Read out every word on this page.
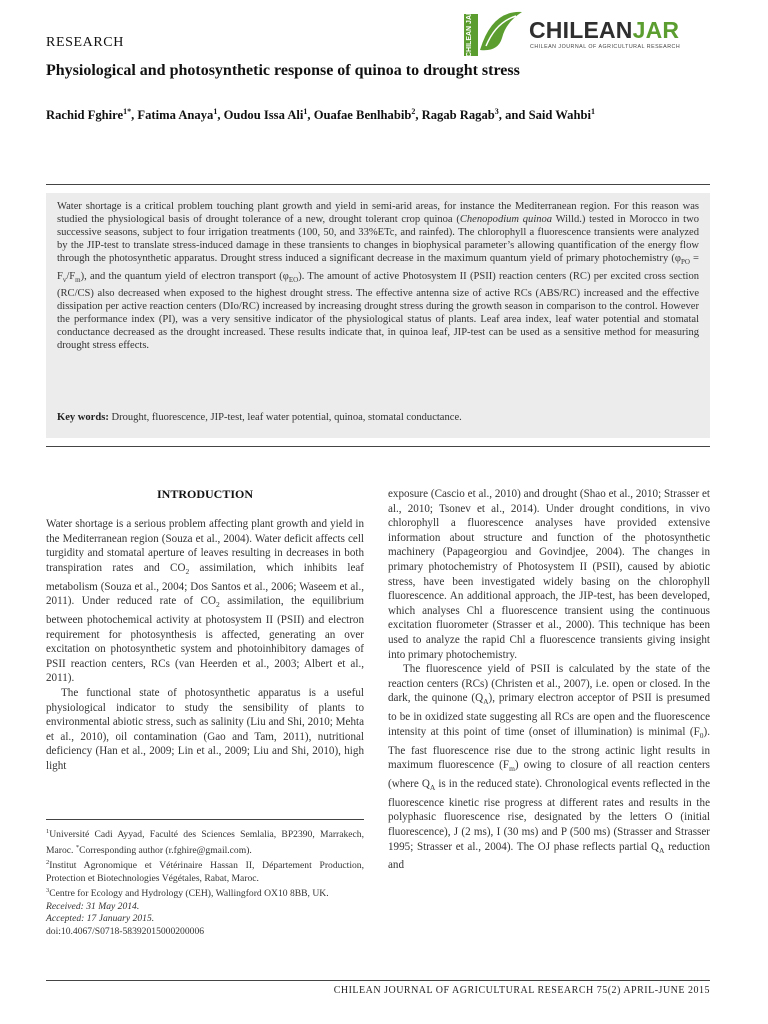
RESEARCH	CHILEAN JAR CHILEANJAR
CHILEAN JOURNAL OF AGRICULTURAL RESEARCH
Physiological and photosynthetic response of quinoa to drought stress
Rachid Fghire$^{1*}$, Fatima Anaya$^1$, Oudou Issa Ali$^1$, Ouafae Benlhabib$^2$, Ragab Ragab$^3$, and Said Wahbi$^1$
Water shortage is a critical problem touching plant growth and yield in semi-arid areas, for instance the Mediterranean region. For this reason was studied the physiological basis of drought tolerance of a new, drought tolerant crop quinoa (Chenopodium quinoa Willd.) tested in Morocco in two successive seasons, subject to four irrigation treatments (100, 50, and 33%ETc, and rainfed). The chlorophyll a fluorescence transients were analyzed by the JIP-test to translate stress-induced damage in these transients to changes in biophysical parameter’s allowing quantification of the energy flow through the photosynthetic apparatus. Drought stress induced a significant decrease in the maximum quantum yield of primary photochemistry $(\varphi_{PO} = F_v/F_m)$, and the quantum yield of electron transport $(\varphi_{EO})$. The amount of active Photosystem II (PSII) reaction centers (RC) per excited cross section (RC/CS) also decreased when exposed to the highest drought stress. The effective antenna size of active RCs (ABS/RC) increased and the effective dissipation per active reaction centers (DIo/RC) increased by increasing drought stress during the growth season in comparison to the control. However the performance index (PI), was a very sensitive indicator of the physiological status of plants. Leaf area index, leaf water potential and stomatal conductance decreased as the drought increased. These results indicate that, in quinoa leaf, JIP-test can be used as a sensitive method for measuring drought stress effects.
Key words: Drought, fluorescence, JIP-test, leaf water potential, quinoa, stomatal conductance.
INTRODUCTION

Water shortage is a serious problem affecting plant growth and yield in the Mediterranean region (Souza et al., 2004). Water deficit affects cell turgidity and stomatal aperture of leaves resulting in decreases in both transpiration rates and $CO_2$ assimilation, which inhibits leaf metabolism (Souza et al., 2004; Dos Santos et al., 2006; Waseem et al., 2011). Under reduced rate of $CO_2$ assimilation, the equilibrium between photochemical activity at photosystem II (PSII) and electron requirement for photosynthesis is affected, generating an over excitation on photosynthetic system and photoinhibitory damages of PSII reaction centers, RCs (van Heerden et al., 2003; Albert et al., 2011).

The functional state of photosynthetic apparatus is a useful physiological indicator to study the sensibility of plants to environmental abiotic stress, such as salinity (Liu and Shi, 2010; Mehta et al., 2010), oil contamination (Gao and Tam, 2011), nutritional deficiency (Han et al., 2009; Lin et al., 2009; Liu and Shi, 2010), high light

exposure (Cascio et al., 2010) and drought (Shao et al., 2010; Strasser et al., 2010; Tsonev et al., 2014). Under drought conditions, in vivo chlorophyll a fluorescence analyses have provided extensive information about structure and function of the photosynthetic machinery (Papageorgiou and Govindjee, 2004). The changes in primary photochemistry of Photosystem II (PSII), caused by abiotic stress, have been investigated widely basing on the chlorophyll fluorescence. An additional approach, the JIP-test, has been developed, which analyses Chl a fluorescence transient using the continuous excitation fluorometer (Strasser et al., 2000). This technique has been used to analyze the rapid Chl a fluorescence transients giving insight into primary photochemistry.

The fluorescence yield of PSII is calculated by the state of the reaction centers (RCs) (Christen et al., 2007), i.e. open or closed. In the dark, the quinone $(Q_A)$, primary electron acceptor of PSII is presumed to be in oxidized state suggesting all RCs are open and the fluorescence intensity at this point of time (onset of illumination) is minimal $(F_0)$. The fast fluorescence rise due to the strong actinic light results in maximum fluorescence $(F_m)$ owing to closure of all reaction centers (where $Q_A$ is in the reduced state). Chronological events reflected in the fluorescence kinetic rise progress at different rates and results in the polyphasic fluorescence rise, designated by the letters O (initial fluorescence), J (2 ms), I (30 ms) and P (500 ms) (Strasser and Strasser 1995; Strasser et al., 2004). The OJ phase reflects partial $Q_A$ reduction and

$^1$Université Cadi Ayyad, Faculté des Sciences Semlalia, BP2390, Marrakech, Maroc. *Corresponding author (r.fghire@gmail.com).

$^2$Institut Agronomique et Vétérinaire Hassan II, Département Production, Protection et Biotechnologies Végétales, Rabat, Maroc.

$^3$Centre for Ecology and Hydrology (CEH), Wallingford OX10 8BB, UK.

Received: 31 May 2014.

Accepted: 17 January 2015.

doi:10.4067/S0718-58392015000200006

CHILEAN JOURNAL OF AGRICULTURAL RESEARCH 75(2) APRIL-JUNE 2015
